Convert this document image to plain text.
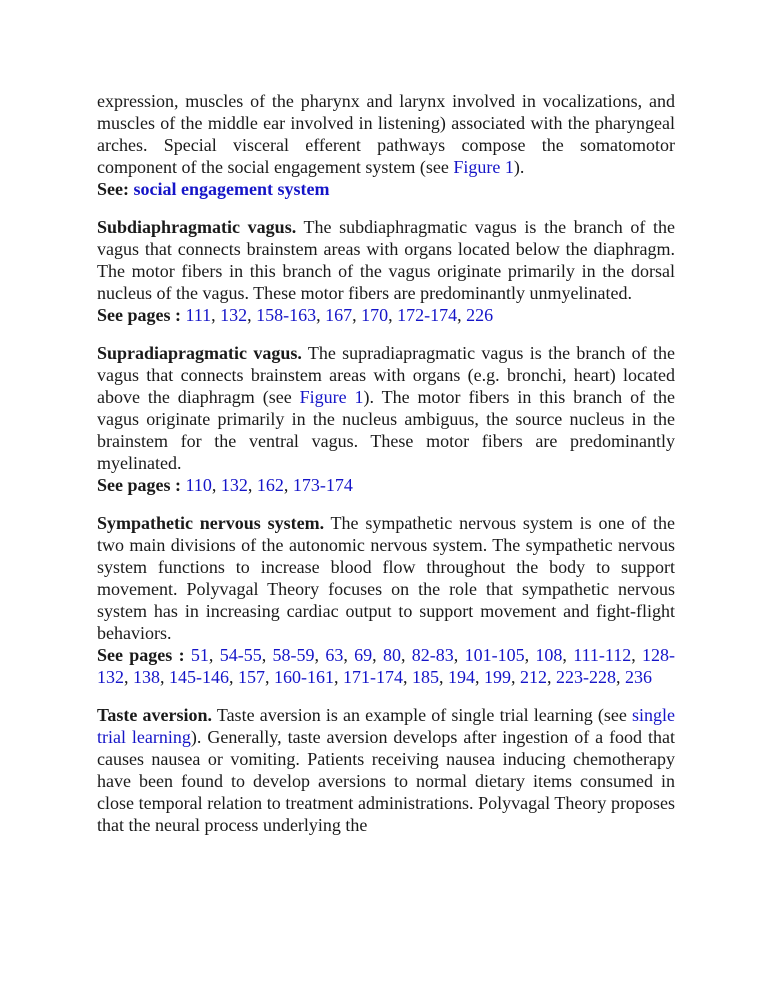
expression, muscles of the pharynx and larynx involved in vocalizations, and muscles of the middle ear involved in listening) associated with the pharyngeal arches. Special visceral efferent pathways compose the somatomotor component of the social engagement system (see Figure 1).

See: social engagement system

Subdiaphragmatic vagus. The subdiaphragmatic vagus is the branch of the vagus that connects brainstem areas with organs located below the diaphragm. The motor fibers in this branch of the vagus originate primarily in the dorsal nucleus of the vagus. These motor fibers are predominantly unmyelinated.

See pages : 111, 132, 158-163, 167, 170, 172-174, 226

Supradiapragmatic vagus. The supradiapragmatic vagus is the branch of the vagus that connects brainstem areas with organs (e.g. bronchi, heart) located above the diaphragm (see Figure 1). The motor fibers in this branch of the vagus originate primarily in the nucleus ambiguus, the source nucleus in the brainstem for the ventral vagus. These motor fibers are predominantly myelinated.

See pages : 110, 132, 162, 173-174

Sympathetic nervous system. The sympathetic nervous system is one of the two main divisions of the autonomic nervous system. The sympathetic nervous system functions to increase blood flow throughout the body to support movement. Polyvagal Theory focuses on the role that sympathetic nervous system has in increasing cardiac output to support movement and fight-flight behaviors.

See pages : 51, 54-55, 58-59, 63, 69, 80, 82-83, 101-105, 108, 111-112, 128-132, 138, 145-146, 157, 160-161, 171-174, 185, 194, 199, 212, 223-228, 236

Taste aversion. Taste aversion is an example of single trial learning (see single trial learning). Generally, taste aversion develops after ingestion of a food that causes nausea or vomiting. Patients receiving nausea inducing chemotherapy have been found to develop aversions to normal dietary items consumed in close temporal relation to treatment administrations. Polyvagal Theory proposes that the neural process underlying the
